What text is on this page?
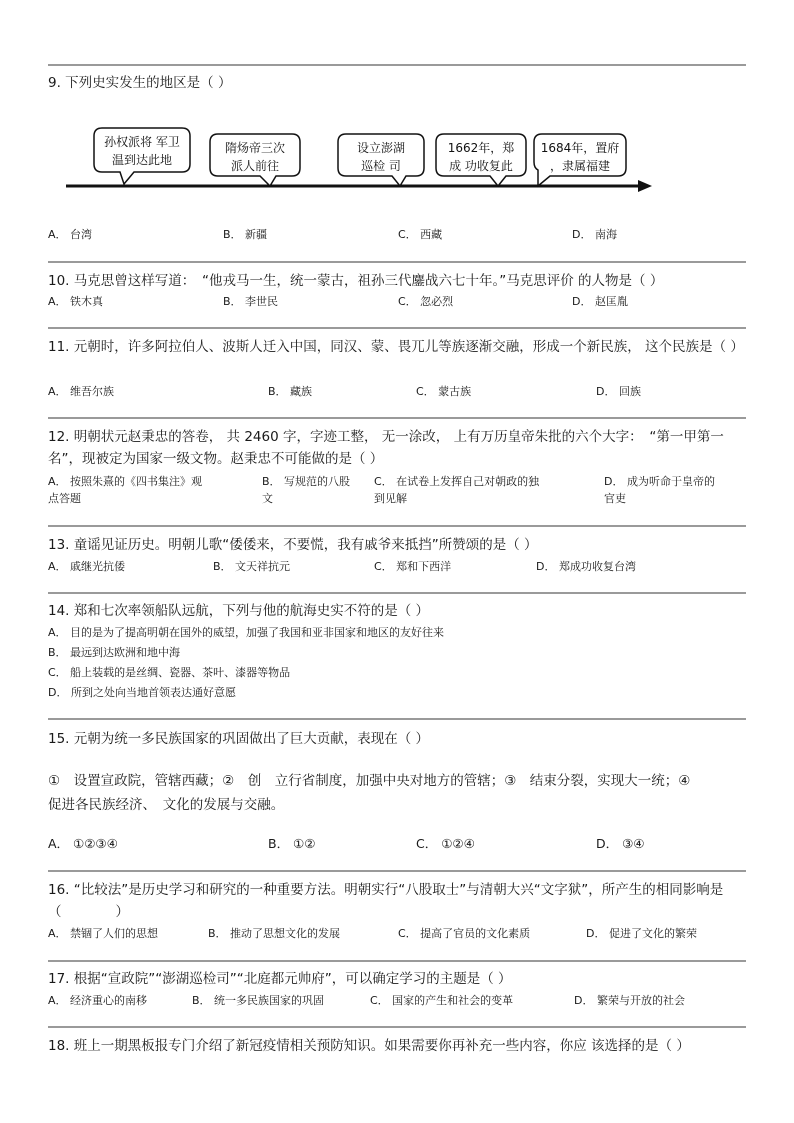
9. 下列史实发生的地区是（ ）
孙权派将 军卫
温到达此地
隋炀帝三次
派人前往
设立澎湖
巡检 司
1662年，郑
成 功收复此
1684年，置府
，隶属福建
A． 台湾	B． 新疆	C． 西藏	D． 南海
10. 马克思曾这样写道：　“他戎马一生，统一蒙古，祖孙三代鏖战六七十年。”马克思评价 的人物是（ ）
A． 铁木真	B． 李世民	C． 忽必烈	D． 赵匡胤
11. 元朝时，许多阿拉伯人、波斯人迁入中国，同汉、蒙、畏兀儿等族逐渐交融，形成一个新民族， 这个民族是（ ）
A． 维吾尔族	B． 藏族	C． 蒙古族	D． 回族
12. 明朝状元赵秉忠的答卷， 共 2460 字，字迹工整， 无一涂改， 上有万历皇帝朱批的六个大字：　“第一甲第一名”，现被定为国家一级文物。赵秉忠不可能做的是（ ）
A． 按照朱熹的《四书集注》观
点答题
B． 写规范的八股
文
C． 在试卷上发挥自己对朝政的独
到见解
D． 成为听命于皇帝的
官吏
13. 童谣见证历史。明朝儿歌“倭倭来，不要慌，我有戚爷来抵挡”所赞颂的是（ ）
A． 戚继光抗倭	B． 文天祥抗元	C． 郑和下西洋	D． 郑成功收复台湾
14. 郑和七次率领船队远航，下列与他的航海史实不符的是（ ）
A． 目的是为了提高明朝在国外的威望，加强了我国和亚非国家和地区的友好往来
B． 最远到达欧洲和地中海
C． 船上装载的是丝绸、瓷器、茶叶、漆器等物品
D． 所到之处向当地首领表达通好意愿
15. 元朝为统一多民族国家的巩固做出了巨大贡献，表现在（ ）
①　设置宣政院，管辖西藏；②　创　立行省制度，加强中央对地方的管辖；③　结束分裂，实现大一统；④
促进各民族经济、　文化的发展与交融。
A． ①②③④	B． ①②	C． ①②④	D． ③④
16. “比较法”是历史学习和研究的一种重要方法。明朝实行“八股取士”与清朝大兴“文字狱”，所产生的相同影响是（　　　　）
A． 禁锢了人们的思想	B． 推动了思想文化的发展	C． 提高了官员的文化素质	D． 促进了文化的繁荣
17. 根据“宣政院”“澎湖巡检司”“北庭都元帅府”，可以确定学习的主题是（ ）
A． 经济重心的南移	B． 统一多民族国家的巩固	C． 国家的产生和社会的变革	D． 繁荣与开放的社会
18. 班上一期黑板报专门介绍了新冠疫情相关预防知识。如果需要你再补充一些内容，你应 该选择的是（ ）
